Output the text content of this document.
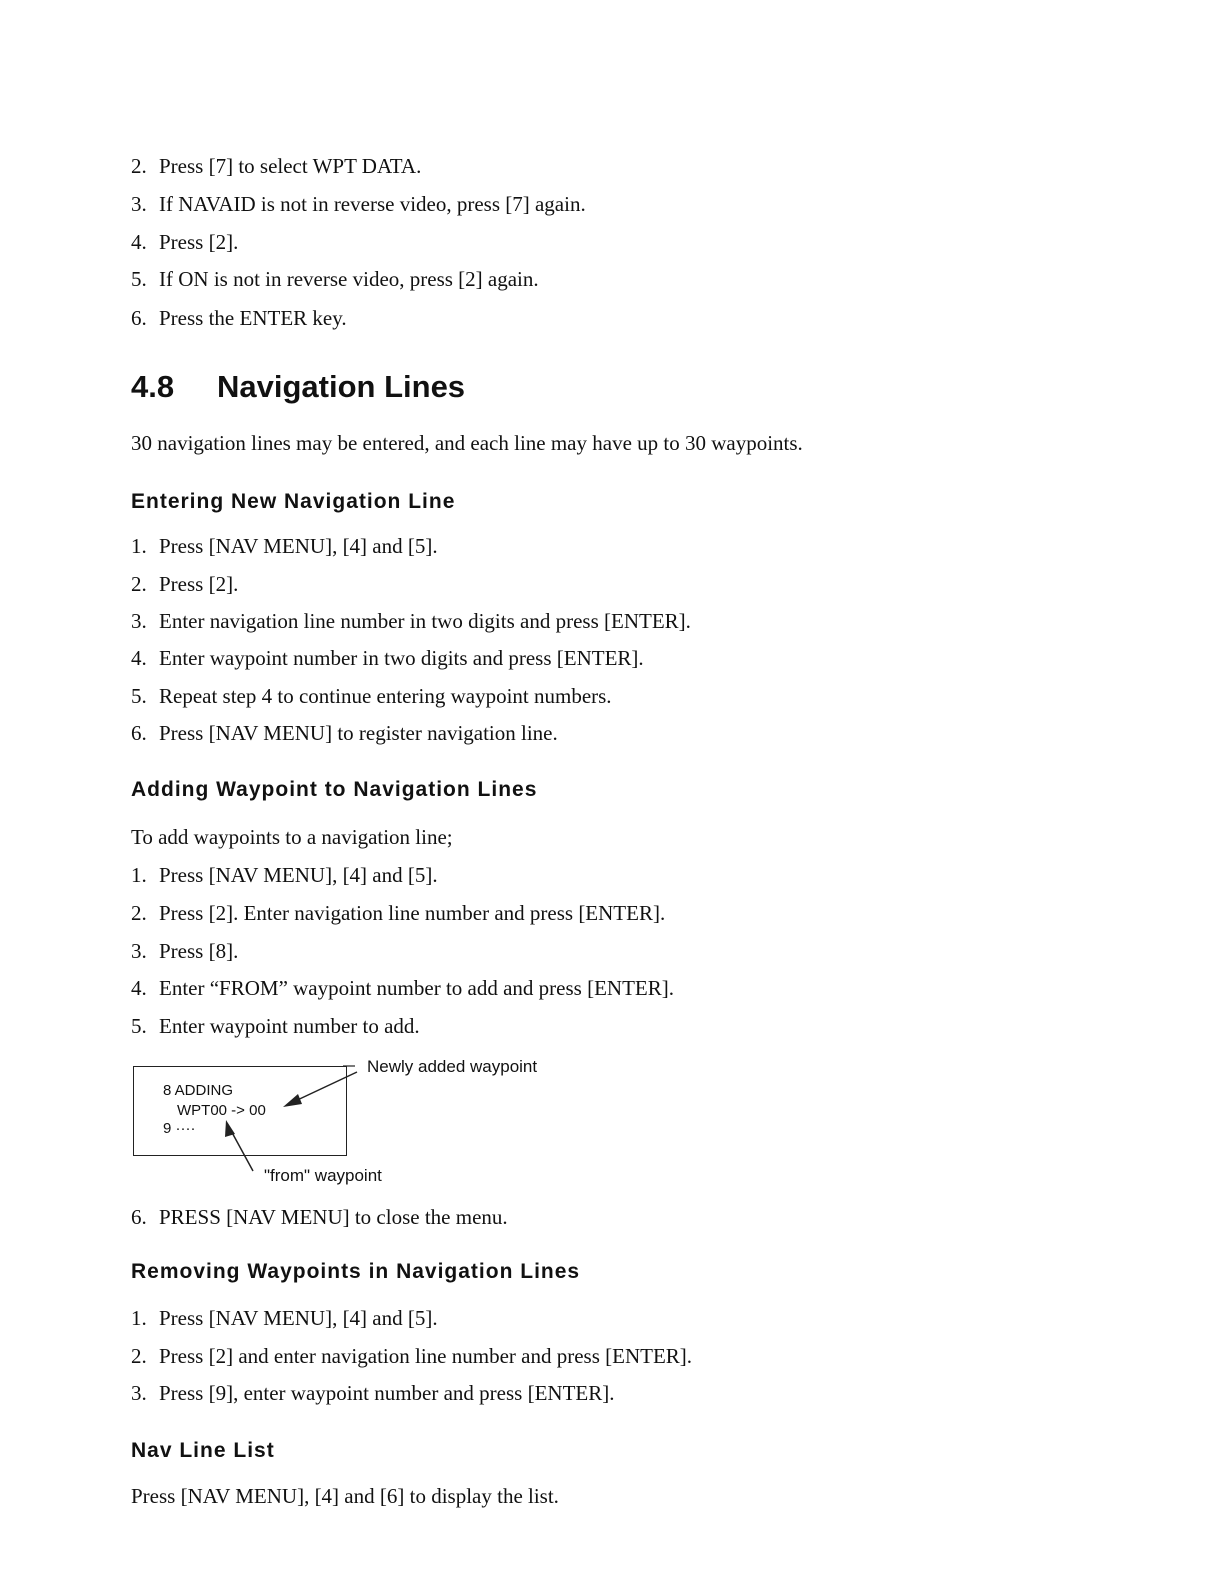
2. Press [7] to select WPT DATA.
3. If NAVAID is not in reverse video, press [7] again.
4. Press [2].
5. If ON is not in reverse video, press [2] again.
6. Press the ENTER key.
4.8 Navigation Lines
30 navigation lines may be entered, and each line may have up to 30 waypoints.
Entering New Navigation Line
1. Press [NAV MENU], [4] and [5].
2. Press [2].
3. Enter navigation line number in two digits and press [ENTER].
4. Enter waypoint number in two digits and press [ENTER].
5. Repeat step 4 to continue entering waypoint numbers.
6. Press [NAV MENU] to register navigation line.
Adding Waypoint to Navigation Lines
To add waypoints to a navigation line;
1. Press [NAV MENU], [4] and [5].
2. Press [2]. Enter navigation line number and press [ENTER].
3. Press [8].
4. Enter “FROM” waypoint number to add and press [ENTER].
5. Enter waypoint number to add.
8 ADDING
WPT00 -> 00
9 ····
Newly added waypoint
"from" waypoint
6. PRESS [NAV MENU] to close the menu.
Removing Waypoints in Navigation Lines
1. Press [NAV MENU], [4] and [5].
2. Press [2] and enter navigation line number and press [ENTER].
3. Press [9], enter waypoint number and press [ENTER].
Nav Line List
Press [NAV MENU], [4] and [6] to display the list.
